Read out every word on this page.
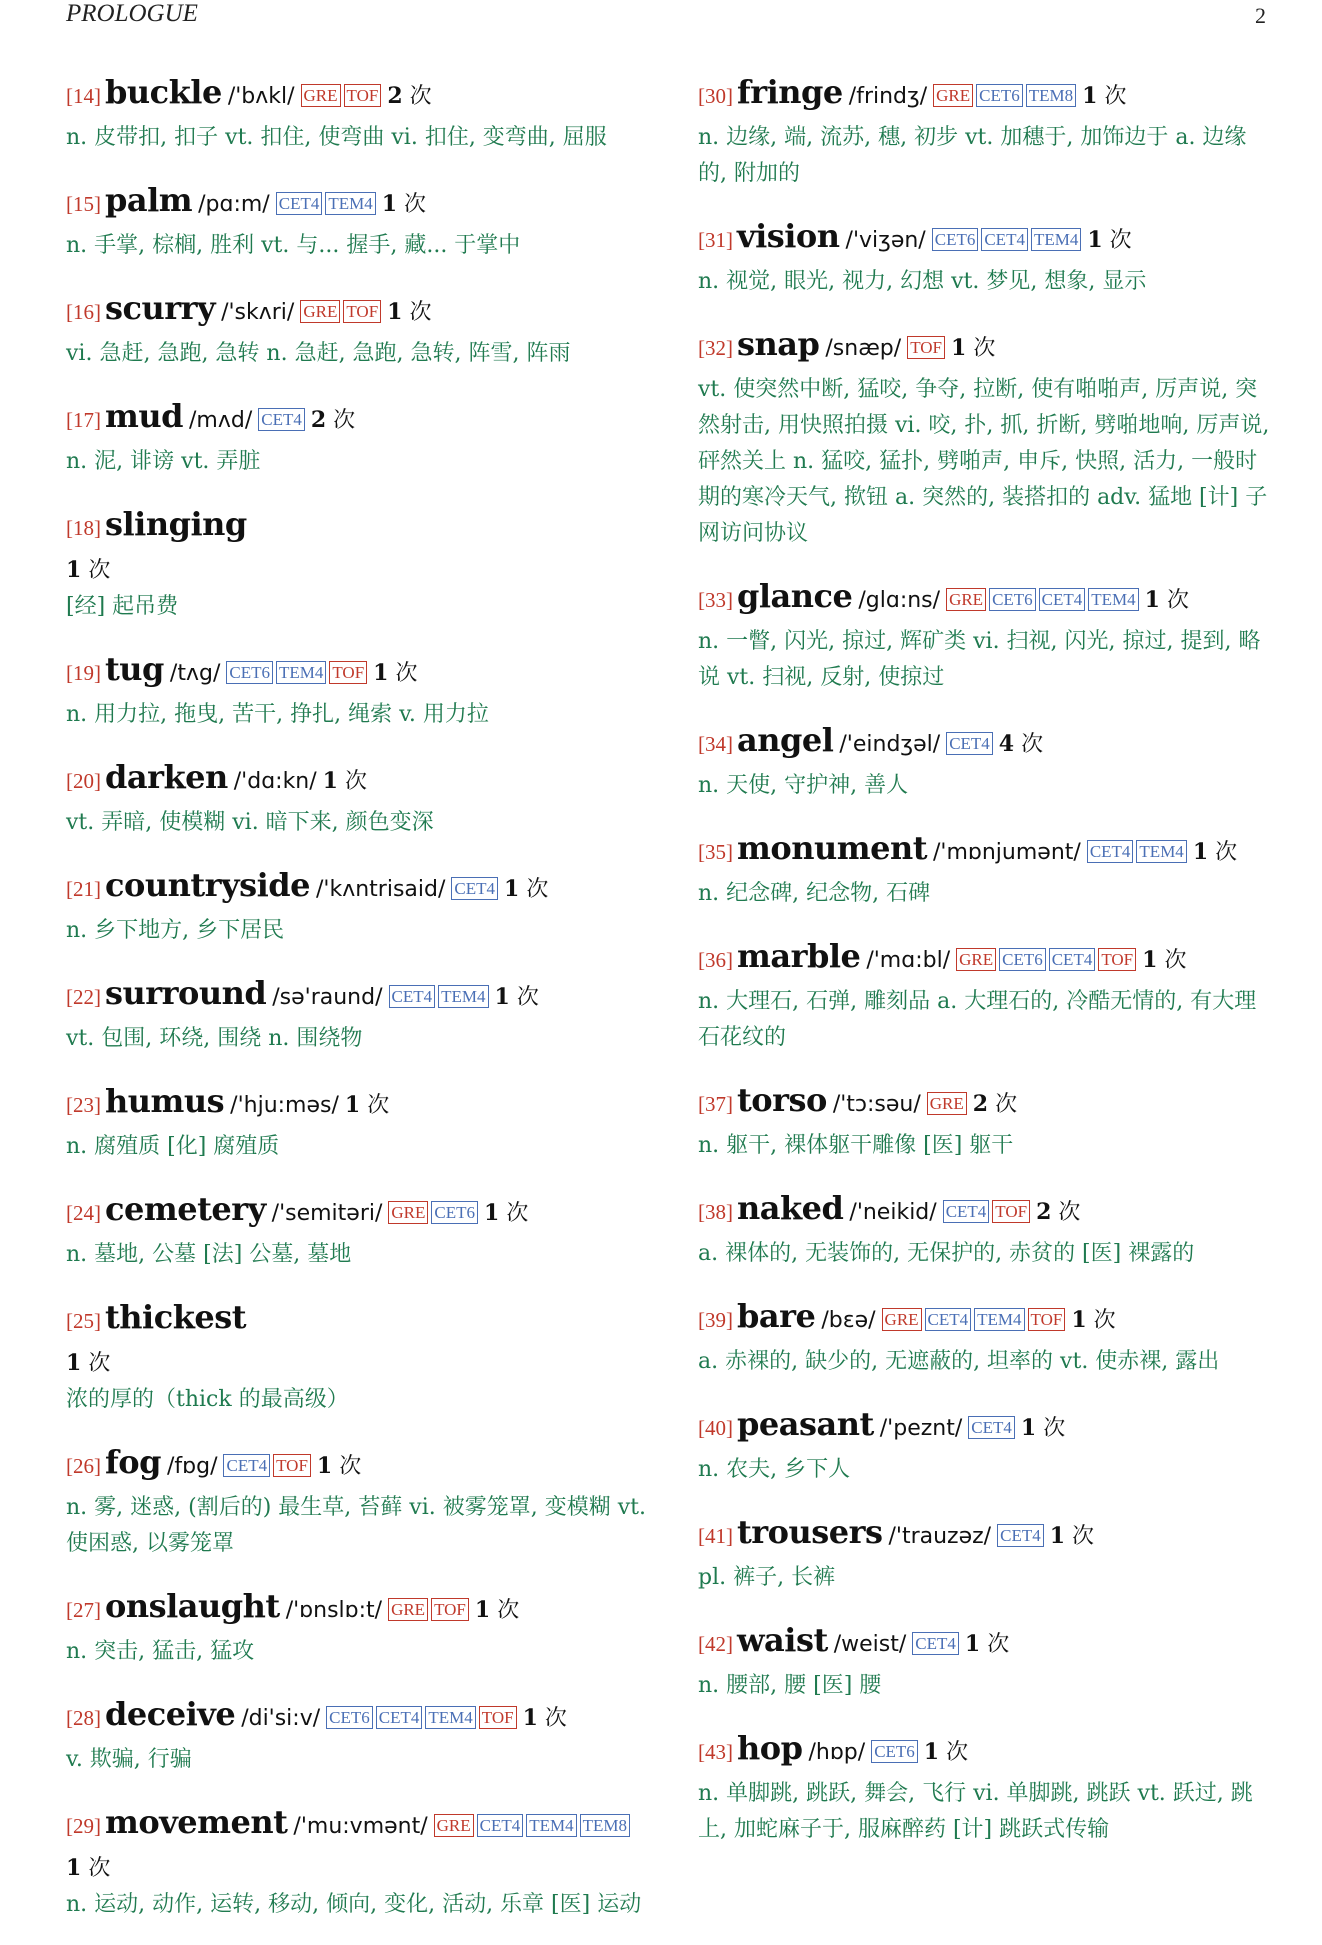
PROLOGUE	2
[14] buckle /'bʌkl/ GRE TOF 2 次
n. 皮带扣, 扣子 vt. 扣住, 使弯曲 vi. 扣住, 变弯曲, 屈服
[15] palm /pɑ:m/ CET4 TEM4 1 次
n. 手掌, 棕榈, 胜利 vt. 与... 握手, 藏... 于掌中
[16] scurry /'skʌri/ GRE TOF 1 次
vi. 急赶, 急跑, 急转 n. 急赶, 急跑, 急转, 阵雪, 阵雨
[17] mud /mʌd/ CET4 2 次
n. 泥, 诽谤 vt. 弄脏
[18] slinging
1 次
[经] 起吊费
[19] tug /tʌg/ CET6 TEM4 TOF 1 次
n. 用力拉, 拖曳, 苦干, 挣扎, 绳索 v. 用力拉
[20] darken /'dɑ:kn/ 1 次
vt. 弄暗, 使模糊 vi. 暗下来, 颜色变深
[21] countryside /'kʌntrisaid/ CET4 1 次
n. 乡下地方, 乡下居民
[22] surround /sə'raund/ CET4 TEM4 1 次
vt. 包围, 环绕, 围绕 n. 围绕物
[23] humus /'hju:məs/ 1 次
n. 腐殖质 [化] 腐殖质
[24] cemetery /'semitəri/ GRE CET6 1 次
n. 墓地, 公墓 [法] 公墓, 墓地
[25] thickest
1 次
浓的厚的（thick 的最高级）
[26] fog /fɒg/ CET4 TOF 1 次
n. 雾, 迷惑, (割后的) 最生草, 苔藓 vi. 被雾笼罩, 变模糊 vt. 使困惑, 以雾笼罩
[27] onslaught /'ɒnslɒ:t/ GRE TOF 1 次
n. 突击, 猛击, 猛攻
[28] deceive /di'si:v/ CET6 CET4 TEM4 TOF 1 次
v. 欺骗, 行骗
[29] movement /'mu:vmənt/ GRE CET4 TEM4 TEM8
1 次
n. 运动, 动作, 运转, 移动, 倾向, 变化, 活动, 乐章 [医] 运动
[30] fringe /frindʒ/ GRE CET6 TEM8 1 次
n. 边缘, 端, 流苏, 穗, 初步 vt. 加穗于, 加饰边于 a. 边缘的, 附加的
[31] vision /'viʒən/ CET6 CET4 TEM4 1 次
n. 视觉, 眼光, 视力, 幻想 vt. 梦见, 想象, 显示
[32] snap /snæp/ TOF 1 次
vt. 使突然中断, 猛咬, 争夺, 拉断, 使有啪啪声, 厉声说, 突然射击, 用快照拍摄 vi. 咬, 扑, 抓, 折断, 劈啪地响, 厉声说, 砰然关上 n. 猛咬, 猛扑, 劈啪声, 申斥, 快照, 活力, 一般时期的寒冷天气, 揿钮 a. 突然的, 装搭扣的 adv. 猛地 [计] 子网访问协议
[33] glance /glɑ:ns/ GRE CET6 CET4 TEM4 1 次
n. 一瞥, 闪光, 掠过, 辉矿类 vi. 扫视, 闪光, 掠过, 提到, 略说 vt. 扫视, 反射, 使掠过
[34] angel /'eindʒəl/ CET4 4 次
n. 天使, 守护神, 善人
[35] monument /'mɒnjumənt/ CET4 TEM4 1 次
n. 纪念碑, 纪念物, 石碑
[36] marble /'mɑ:bl/ GRE CET6 CET4 TOF 1 次
n. 大理石, 石弹, 雕刻品 a. 大理石的, 冷酷无情的, 有大理石花纹的
[37] torso /'tɔ:səu/ GRE 2 次
n. 躯干, 裸体躯干雕像 [医] 躯干
[38] naked /'neikid/ CET4 TOF 2 次
a. 裸体的, 无装饰的, 无保护的, 赤贫的 [医] 裸露的
[39] bare /bɛə/ GRE CET4 TEM4 TOF 1 次
a. 赤裸的, 缺少的, 无遮蔽的, 坦率的 vt. 使赤裸, 露出
[40] peasant /'peznt/ CET4 1 次
n. 农夫, 乡下人
[41] trousers /'trauzəz/ CET4 1 次
pl. 裤子, 长裤
[42] waist /weist/ CET4 1 次
n. 腰部, 腰 [医] 腰
[43] hop /hɒp/ CET6 1 次
n. 单脚跳, 跳跃, 舞会, 飞行 vi. 单脚跳, 跳跃 vt. 跃过, 跳上, 加蛇麻子于, 服麻醉药 [计] 跳跃式传输
